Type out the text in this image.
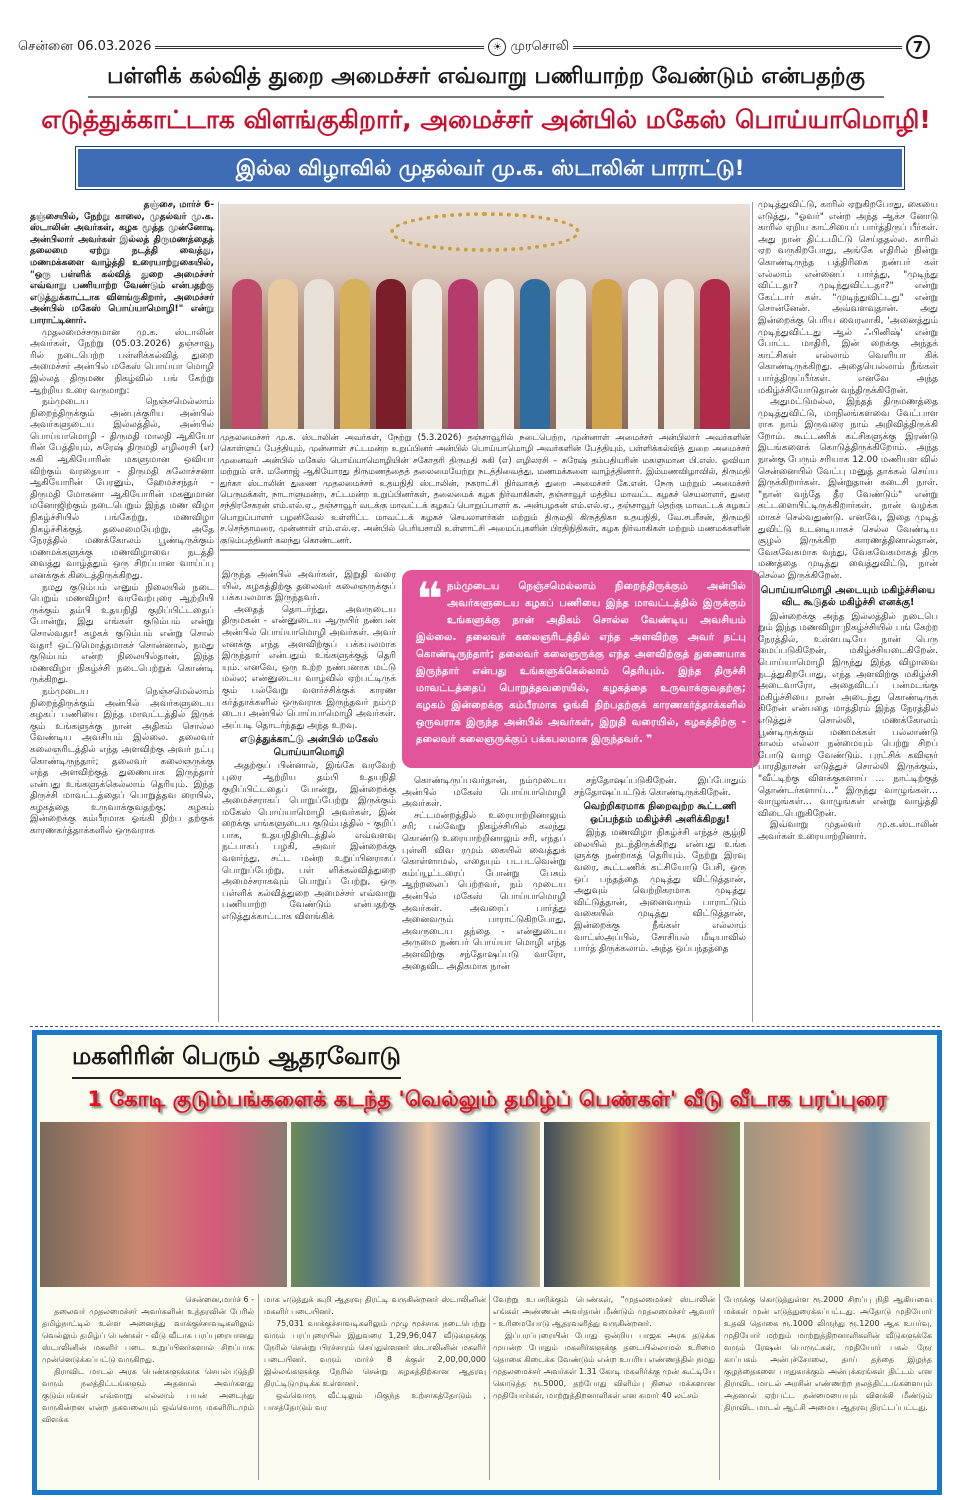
சென்னை 06.03.2026	☀ முரசொலி	7
பள்ளிக் கல்வித் துறை அமைச்சர் எவ்வாறு பணியாற்ற வேண்டும் என்பதற்கு
எடுத்துக்காட்டாக விளங்குகிறார், அமைச்சர் அன்பில் மகேஸ் பொய்யாமொழி!
இல்ல விழாவில் முதல்வர் மு.க. ஸ்டாலின் பாராட்டு!
தஞ்சை, மார்ச் 6-

தஞ்சையில், நேற்று காலை, முதல்வர் மு.க. ஸ்டாலின் அவர்கள், கழக மூத்த முன்னோடி அன்பிலார் அவர்கள் இல்லத் திருமணத்தைத் தலைமை ஏற்று நடத்தி வைத்து, மணமக்களை வாழ்த்தி உரையாற்றுகையில், "ஒரு பள்ளிக் கல்வித் துறை அமைச்சர் எவ்வாறு பணியாற்ற வேண்டும் என்பதற்கு எடுத்துக்காட்டாக விளங்குகிறார், அமைச்சர் அன்பில் மகேஸ் பொய்யாமொழி!" என்று பாராட்டினார்.

முதலமைச்சருமான மு.க. ஸ்டாலின் அவர்கள், நேற்று (05.03.2026) தஞ்சாவூ ரில் நடைபெற்ற பள்ளிக்கல்வித் துறை அமைச்சர் அன்பில் மகேஸ் பொய்யா மொழி இல்லத் திருமண நிகழ்வில் பங் கேற்று ஆற்றிய உரை வருமாறு:

நம்முடைய நெஞ்சமெல்லாம் நிறைந்திருக்கும் அன்புக்குரிய அன்பில் அவர்களுடைய இல்லத்தில், அன்பில் பொய்யாமொழி - திருமதி மாலதி ஆகியோ ரின் பேத்தியும், சுரேஷ் திருமதி எழிலரசி (எ) சுகி ஆகியோரின் மகளுமான ஒவியா விற்கும் வரதையா - திருமதி சுலோச்சனா ஆகியோரின் பேரனும், ஹேமச்சந்தர் - திருமதி மோகனா ஆகியோரின் மகனுமான மனோஜிற்கும் நடைபெறும் இந்த மண விழா நிகழ்ச்சியில் பங்கேற்று, மணவிழா நிகழ்ச்சிக்குத் தலைமையேற்று, அதே நேரத்தில் மணக்கோலம் பூண்டிருக்கும் மணமக்களுக்கு மணவிழாவை நடத்தி வைத்து வாழ்த்தும் ஒரு சிறப்பான வாய்ப்பு எனக்குக் கிடைத்திருக்கிறது.

நமது குடும்பம் எனும் நிலையில் நடை பெறும் மணவிழா! வரவேற்புரை ஆற்றியி ருக்கும் தம்பி உதயநிதி குறிப்பிட்டதைப் போன்று, இது எங்கள் குடும்பம் என்று சொல்வதா! கழகக் குடும்பம் என்று சொல் வதா! ஒட்டுமொத்தமாகச் சொன்னால், நமது குடும்பம் என்ற நிலையில்தான், இந்த மணவிழா நிகழ்ச்சி நடைபெற்றுக் கொண்டி ருக்கிறது.

நம்முடைய நெஞ்சமெல்லாம் நிறைந்திருக்கும் அன்பில் அவர்களுடைய கழகப் பணியை இந்த மாவட்டத்தில் இருக் கும் உங்களுக்கு நான் அதிகம் சொல்ல வேண்டிய அவசியம் இல்லை. தலைவர் கலைஞரிடத்தில் எந்த அளவிற்கு அவர் நட்பு கொண்டிருந்தார்; தலைவர் கலைஞருக்கு எந்த அளவிற்குத் துணையாக இருந்தார் என்பது உங்களுக்கெல்லாம் தெரியும். இந்த திருச்சி மாவட்டத்தைப் பொறுத்தவ ரையில், கழகத்தை உருவாக்குவதற்கு; கழகம் இன்றைக்கு கம்பீரமாக ஓங்கி நிற்ப தற்குக் காரணகர்த்தாக்களில் ஒருவராக

முதலமைச்சர் மு.க. ஸ்டாலின் அவர்கள், நேற்று (5.3.2026) தஞ்சாவூரில் நடைபெற்ற, முன்னாள் அமைச்சர் அன்பிலார் அவர்களின் கொள்ளுப் பேத்தியும், முன்னாள் சட்டமன்ற உறுப்பினர் அன்பில் பொய்யாமொழி அவர்களின் பேத்தியும், பள்ளிக்கல்வித் துறை அமைச்சர் முனைவர் அன்பில் மகேஸ் பொய்யாமொழியின் சகோதரி திருமதி சுகி (எ) எழிலரசி – சுரேஷ் தம்பதியரின் மகளுமான பி.எஸ். ஓவியா மற்றும் எச். மனோஜ் ஆகியோரது திருமணத்தைத் தலைமையேற்று நடத்திவைத்து, மணமக்களை வாழ்த்தினார். இம்மணவிழாவில், திருமதி துர்கா ஸ்டாலின் துணை முதலமைச்சர் உதயநிதி ஸ்டாலின், நகராட்சி நிர்வாகத் துறை அமைச்சர் கே.என். நேரு மற்றும் அமைச்சர் பெருமக்கள், நாடாளுமன்ற, சட்டமன்ற உறுப்பினர்கள், தலைமைக் கழக நிர்வாகிகள், தஞ்சாவூர் மத்திய மாவட்ட கழகச் செயலாளர், துரை சந்திரசேகரன் எம்.எல்.ஏ., தஞ்சாவூர் வடக்கு மாவட்டக் கழகப் பொறுப்பாளர் க. அன்பழகன் எம்.எல்.ஏ., தஞ்சாவூர் தெற்கு மாவட்டக் கழகப் பொறுப்பாளர் பழனிவேல் உள்ளிட்ட மாவட்டக் கழகச் செயலாளர்கள் மற்றும் திருமதி கிருத்திகா உதயநிதி, வே.சபரீசன், திருமதி ச.செந்தாமரை, முன்னாள் எம்.எல்.ஏ. அன்பில் பெரியசாமி உள்ளாட்சி அமைப்புகளின் பிரதிநிதிகள், கழக நிர்வாகிகள் மற்றும் மணமக்களின் குடும்பத்தினர் கலந்து கொண்டனர்.

இருந்த அன்பில் அவர்கள், இறுதி வரை யில், கழகத்திற்கு தலைவர் கலைஞருக்குப் பக்கபலமாக இருந்தவர்.

அதைத் தொடர்ந்து, அவருடைய திருமகன் - என்னுடைய ஆருயிர் நண்பன் அன்பில் பொய்யாமொழி அவர்கள். அவர் எனக்கு எந்த அளவிற்குப் பக்கபலமாக இருந்தார் என்பதும் உங்களுக்குத் தெரி யும். எனவே, ஒரு உற்ற நண்பனாக மட்டு மல்ல; என்னுடைய வாழ்வில் ஏற்பட்டிருக் கும் பல்வேறு வளர்ச்சிக்குக் காரண கர்த்தாக்களில் ஒருவராக இருந்தவர் நம்மு டைய அன்பில் பொய்யாமொழி அவர்கள். அப்படி தொடர்ந்தது அந்த உறவு.

எடுத்துக்காட்டு அன்பில் மகேஸ் பொய்யாமொழி

அதற்குப் பின்னால், இங்கே வரவேற் புரை ஆற்றிய தம்பி உதயநிதி குறிப்பிட்டதைப் போன்று, இன்றைக்கு அமைச்சராகப் பொறுப்பேற்று இருக்கும் மகேஸ் பொய்யாமொழி அவர்கள், இன் றைக்கு எங்களுடைய குடும்பத்தில் - குறிப் பாக, உதயநிதியிடத்தில் எவ்வளவு நட்பாகப் பழகி, அவர் இன்றைக்கு வளர்ந்து, சட்ட மன்ற உறுப்பினராகப் பொறுப்பேற்று, பள் ளிக்கல்வித்துறை அமைச்சராகவும் பொறுப் பேற்று, ஒரு பள்ளிக் கல்வித்துறை அமைச்சர் எவ்வாறு பணியாற்ற வேண்டும் என்பதற்கு எடுத்துக்காட்டாக விளங்கிக்

❝ நம்முடைய நெஞ்சமெல்லாம் நிறைந்திருக்கும் அன்பில் அவர்களுடைய கழகப் பணியை இந்த மாவட்டத்தில் இருக்கும் உங்களுக்கு நான் அதிகம் சொல்ல வேண்டிய அவசியம் இல்லை. தலைவர் கலைஞரிடத்தில் எந்த அளவிற்கு அவர் நட்பு கொண்டிருந்தார்; தலைவர் கலைஞருக்கு எந்த அளவிற்குத் துணையாக இருந்தார் என்பது உங்களுக்கெல்லாம் தெரியும். இந்த திருச்சி மாவட்டத்தைப் பொறுத்தவரையில், கழகத்தை உருவாக்குவதற்கு; கழகம் இன்றைக்கு கம்பீரமாக ஓங்கி நிற்பதற்குக் காரணகர்த்தாக்களில் ஒருவராக இருந்த அன்பில் அவர்கள், இறுதி வரையில், கழகத்திற்கு - தலைவர் கலைஞருக்குப் பக்கபலமாக இருந்தவர். ❞

கொண்டிருப்பவர்தான், நம்முடைய அன்பில் மகேஸ் பொய்யாமொழி அவர்கள்.

சட்டமன்றத்தில் உரையாற்றினாலும் சரி; பல்வேறு நிகழ்ச்சியில் கலந்து கொண்டு உரையாற்றினாலும் சரி, எந்தப் புள்ளி விவ ரமும் கையில் வைத்துக் கொள்ளாமல், எதையும் படபடவென்று கம்ப்யூட்டரைப் போன்று பேசும் ஆற்றலைப் பெற்றவர், நம் முடைய அன்பில் மகேஸ் பொய்யாமொழி அவர்கள். அவரைப் பார்த்து அனைவரும் பாராட்டுகிறபோது, அவருடைய தந்தை - என்னுடைய அருமை நண்பர் பொய்யா மொழி எந்த அளவிற்கு சந்தோஷப்படு வாரோ, அதைவிட அதிகமாக நான்

சந்தோஷப்படுகிறேன். இப்போதும் சந்தோஷப்பட்டுக் கொண்டிருக்கிறேன்.

வெற்றிகரமாக நிறைவுற்ற கூட்டணி ஒப்பந்தம் மகிழ்ச்சி அளிக்கிறது!

இந்த மணவிழா நிகழ்ச்சி எந்தச் சூழ்நி லையில் நடந்திருக்கிறது என்பது உங்க ளுக்கு நன்றாகத் தெரியும். நேற்று இரவு வரை, கூட்டணிக் கட்சியோடு பேசி, ஒரு ஒப் பந்தத்தை முடித்து விட்டுத்தான், அதுவும் வெற்றிகரமாக முடித்து விட்டுத்தான், அனைவரும் பாராட்டும் வகையில் முடித்து விட்டுத்தான், இன்றைக்கு நீங்கள் எல்லாம் வாட்ஸ்அப்பில், சோசியல் மீடியாவில் பார்த் திருக்கலாம். அந்த ஒப்பந்தத்தை

முடித்துவிட்டு, காரில் ஏறுகிறபோது, கையை எடுத்து, "ஓவர்" என்ற அந்த ஆக்ச னோடு காரில் ஏறிய காட்சியைப் பார்த்திருப் பீர்கள். அது நான் திட்டமிட்டு செய்ததல்ல. காரில் ஏற வருகிறபோது, அங்கே எதிரில் நின்று கொண்டிருந்த பத்திரிகை நண்பர் கள் எல்லாம் என்னைப் பார்த்து, "முடிந்து விட்டதா? முடிந்துவிட்டதா?" என்று கேட்டார் கள். "முடிந்துவிட்டது" என்று சொன்னேன். அவ்வளவுதான். அது இன்றைக்கு பெரிய வைரலாகி, 'அனைத்தும் முடிந்துவிட்டது ஆல் ஃபினிஷ்' என்று போட்ட மாதிரி, இன் றைக்கு அந்தக் காட்சிகள் எல்லாம் வெளியா கிக் கொண்டிருக்கிறது. அதையெல்லாம் நீங்கள் பார்த்திருப்பீர்கள். எனவே அந்த மகிழ்ச்சியோடுதான் வந்திருக்கிறேன்.

அதுமட்டுமல்ல, இந்தத் திருமணத்தை முடித்துவிட்டு, மாநிலங்களவை வேட்பாள ராக நாம் இருவரை நாம் அறிவித்திருக்கி றோம். கூட்டணிக் கட்சிகளுக்கு இரண்டு இடங்களைக் கொடுத்திருக்கிறோம். அந்த நான்கு பேரும் சரியாக 12.00 மணியள வில் சென்னையில் வேட்பு மனுத் தாக்கல் செய்ய இருக்கிறார்கள். இன்றுதான் கடைசி நாள். "நான் வந்தே தீர வேண்டும்" என்று கட்டளையிட்டிருக்கிறார்கள். நான் வழக்க மாகச் செல்வதுண்டு. எனவே, இதை முடித் துவிட்டு உடனடியாகச் செல்ல வேண்டிய சூழல் இருக்கிற காரணத்தினால்தான், வேகவேகமாக வந்து, வேகவேகமாகத் திரு மணத்தை முடித்து வைத்துவிட்டு, நான் செல்ல இருக்கிறேன்.

பொய்யாமொழி அடையும் மகிழ்ச்சியை விட கூடுதல் மகிழ்ச்சி எனக்கு!

இன்றைக்கு அந்த இல்லத்தில் நடைபெ றும் இந்த மணவிழா நிகழ்ச்சியில் பங் கேற்ற நேரத்தில், உள்ளபடியே நான் பெரு மைப்படுகிறேன், மகிழ்ச்சியடைகிறேன். பொய்யாமொழி இருந்து இந்த விழாவை நடத்துகிறபோது, எந்த அளவிற்கு மகிழ்ச்சி அடைவாரோ, அதைவிடப் பன்மடங்கு மகிழ்ச்சியை நான் அடைந்து கொண்டிருக் கிறேன் என்பதை மாத்திரம் இந்த நேரத்தில் எடுத்துச் சொல்லி, மணக்கோலம் பூண்டிருக்கும் மணமக்கள் பல்லாண்டு காலம் எல்லா நன்மையும் பெற்று சிறப் போடு வாழ வேண்டும். புரட்சிக் கவிஞர் பாரதிதாசன் எடுத்துச் சொல்லி இருக்கும், "வீட்டிற்கு விளக்குகளாய் … நாட்டிற்குத் தொண்டர்களாய்…" இருந்து வாழுங்கள்… வாழுங்கள்… வாழுங்கள் என்று வாழ்த்தி விடைபெறுகிறேன்.

இவ்வாறு முதல்வர் மு.க.ஸ்டாலின் அவர்கள் உரையாற்றினார்.

மகளிரின் பெரும் ஆதரவோடு
1 கோடி குடும்பங்களைக் கடந்த 'வெல்லும் தமிழ்ப் பெண்கள்' வீடு வீடாக பரப்புரை
சென்னை,மார்ச் 6 -

தலைவர் முதலமைச்சர் அவர்களின் உத்தரவின் பேரில் தமிழ்நாட்டில் உள்ள அனைத்து வாக்குச்சாவடிகளிலும் வெல்லும் தமிழ்ப் பெண்கள் - வீடு வீடாக பரப்புரையானது ஸ்டாலினின் மகளிர் படை உறுப்பினர்களால் சிறப்பாக முன்னெடுக்கப்பட்டு வருகிறது.

திராவிட மாடல் அரசு பெண்களுக்காக செயல்படுத்தி வரும் நலத்திட்டங்களும் அதனால் அவர்களது குடும்பங்கள் எவ்வாறு எல்லாம் பயன் அடைந்து வருகின்றன என்ற தகவலையும் ஒவ்வொரு மகளிரிடமும் விளக்க

மாக எடுத்துக் கூறி ஆதரவு திரட்டி வருகின்றனர் ஸ்டாலினின் மகளிர் படையினர்.

75,031 வாக்குச்சாவடிகளிலும் முழு மூச்சாக நடைபெற்று வரும் பரப்புரையில் இதுவரை 1,29,96,047 வீடுகளுக்கு நேரில் சென்று பிரச்சாரம் செய்துள்ளனர் ஸ்டாலினின் மகளிர் படையினர். வரும் மார்ச் 8 க்குள் 2,00,00,000 இல்லங்களுக்கு நேரில் சென்று கழகத்திற்கான ஆதரவு திரட்டிடுமுடிக்க உள்ளனர்.

ஒவ்வொரு வீட்டிலும் மிகுந்த உற்சாகத்தோடும் , பாசத்தோடும் வர

வேற்று உபசரிக்கும் பெண்கள், "முதலமைச்சர் ஸ்டாலின் எங்கள் அண்ணன் அவர்தான் மீண்டும் முதலமைச்சர் ஆவார் - உரிமையோடு ஆதரவளித்து வருகின்றனர்.

இப்பரப்புரையின் போது ஒன்றிய பாஜக அரசு தடுக்க முயன்ற போதும் மகளிர்களுக்கு தடையில்லாமல் உரிமை தொகை கிடைக்க வேண்டும் என்ற உயரிய எண்ணத்தில் நமது முதலமைச்சர் அவர்கள் 1.31 கோடி மகளிர்க்கு முன் கூட்டியே கொடுத்த ரூ.5000, தற்போது விளிம்பு நிலை மக்களான முதியோர்கள், மாற்றுத்திறனாளிகள் என சுமார் 40 லட்சம்

பேருக்கு கொடுத்துள்ள ரூ.2000 சிறப்பு நிதி ஆகியவை மக்கள் முன் எடுத்துரைக்கப்பட்டது. அதோடு முதியோர் உதவி தொகை ரூ.1000 லிருந்து ரூ.1200 ஆக உயர்வு, முதியோர் மற்றும் மாற்றுத்திறனாளிகளின் வீடுகளுக்கே வரும் ரேஷன் பொருட்கள், முதியோர் பகல் நேர காப்பகம் அன்புச்சோலை, தாய் தந்தை இழந்த குழந்தைகளை பாதுகாக்கும் அன்புக்கரங்கள் திட்டம் என திராவிட மாடல் அரசின் எண்ணற்ற நலத்திட்டங்களையும் அதனால் ஏற்பட்ட நன்மையையும் விளக்கி மீண்டும் திராவிட மாடல் ஆட்சி அமைய ஆதரவு திரட்டப்பட்டது.
